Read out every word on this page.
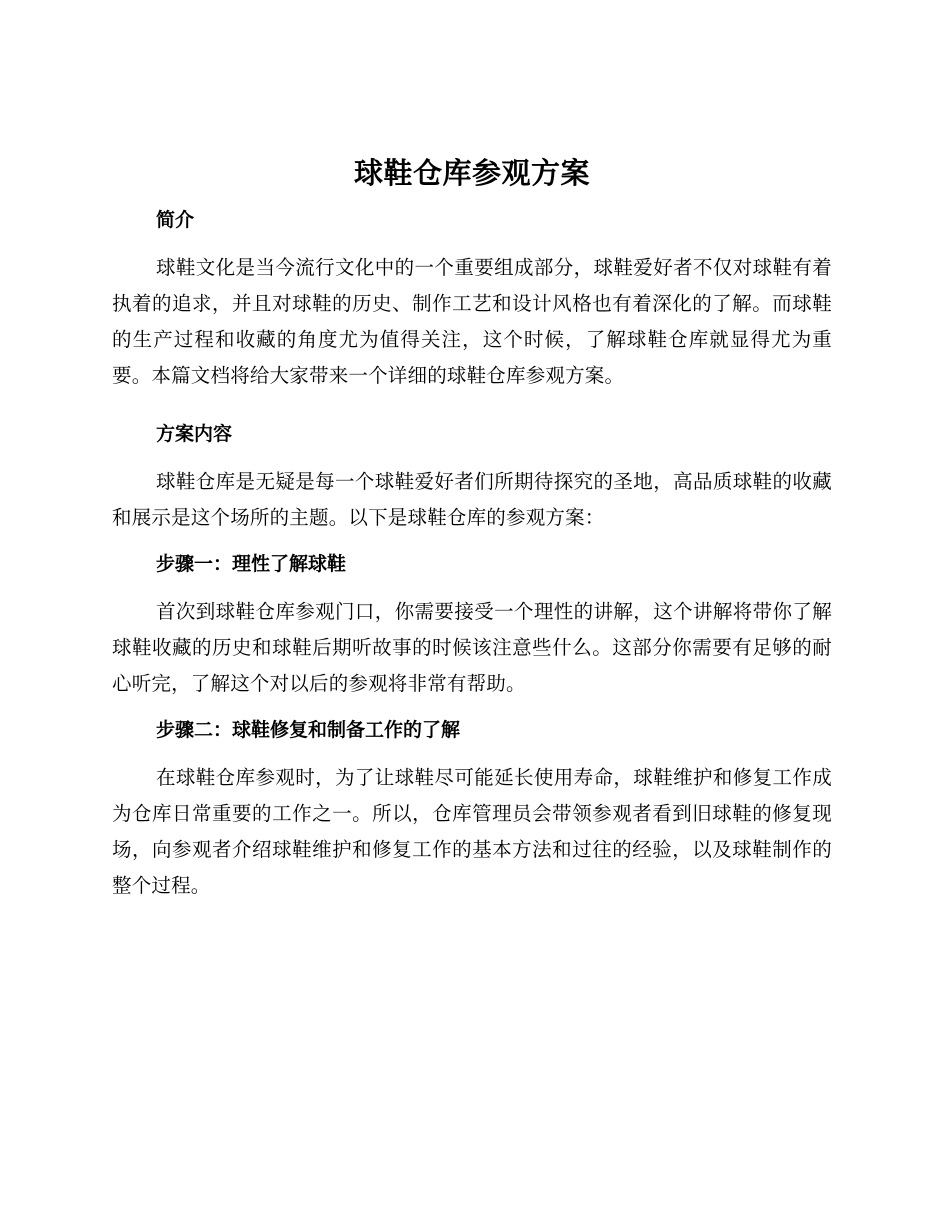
球鞋仓库参观方案
简介

球鞋文化是当今流行文化中的一个重要组成部分，球鞋爱好者不仅对球鞋有着执着的追求，并且对球鞋的历史、制作工艺和设计风格也有着深化的了解。而球鞋的生产过程和收藏的角度尤为值得关注，这个时候，了解球鞋仓库就显得尤为重要。本篇文档将给大家带来一个详细的球鞋仓库参观方案。

方案内容

球鞋仓库是无疑是每一个球鞋爱好者们所期待探究的圣地，高品质球鞋的收藏和展示是这个场所的主题。以下是球鞋仓库的参观方案：

步骤一：理性了解球鞋

首次到球鞋仓库参观门口，你需要接受一个理性的讲解，这个讲解将带你了解球鞋收藏的历史和球鞋后期听故事的时候该注意些什么。这部分你需要有足够的耐心听完，了解这个对以后的参观将非常有帮助。

步骤二：球鞋修复和制备工作的了解

在球鞋仓库参观时，为了让球鞋尽可能延长使用寿命，球鞋维护和修复工作成为仓库日常重要的工作之一。所以，仓库管理员会带领参观者看到旧球鞋的修复现场，向参观者介绍球鞋维护和修复工作的基本方法和过往的经验，以及球鞋制作的整个过程。
